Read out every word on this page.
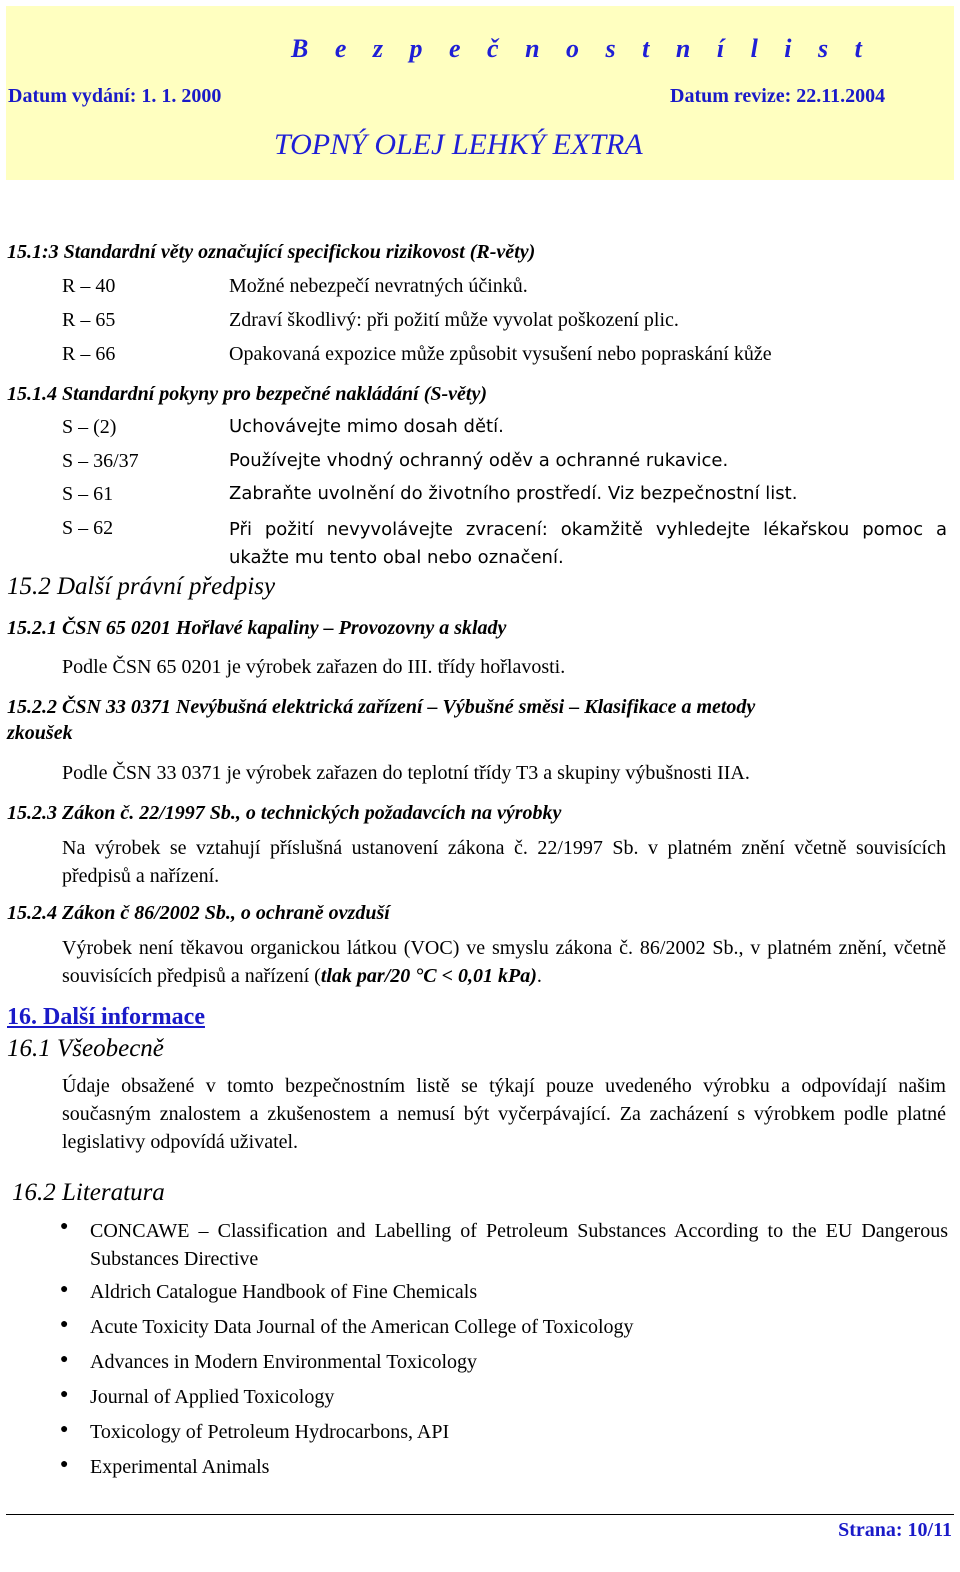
B e z p e č n o s t n í l i s t
Datum vydání: 1. 1. 2000	Datum revize: 22.11.2004
TOPNÝ OLEJ LEHKÝ EXTRA
15.1:3 Standardní věty označující specifickou rizikovost (R-věty)
R – 40	Možné nebezpečí nevratných účinků.
R – 65	Zdraví škodlivý: při požití může vyvolat poškození plic.
R – 66	Opakovaná expozice může způsobit vysušení nebo popraskání kůže
15.1.4 Standardní pokyny pro bezpečné nakládání (S-věty)
S – (2)	Uchovávejte mimo dosah dětí.
S – 36/37	Používejte vhodný ochranný oděv a ochranné rukavice.
S – 61	Zabraňte uvolnění do životního prostředí. Viz bezpečnostní list.
S – 62	Při požití nevyvolávejte zvracení: okamžitě vyhledejte lékařskou pomoc a ukažte mu tento obal nebo označení.
15.2 Další právní předpisy
15.2.1 ČSN 65 0201 Hořlavé kapaliny – Provozovny a sklady
Podle ČSN 65 0201 je výrobek zařazen do III. třídy hořlavosti.
15.2.2 ČSN 33 0371 Nevýbušná elektrická zařízení – Výbušné směsi – Klasifikace a metody
zkoušek
Podle ČSN 33 0371 je výrobek zařazen do teplotní třídy T3 a skupiny výbušnosti IIA.
15.2.3 Zákon č. 22/1997 Sb., o technických požadavcích na výrobky
Na výrobek se vztahují příslušná ustanovení zákona č. 22/1997 Sb. v platném znění včetně souvisících předpisů a nařízení.
15.2.4 Zákon č 86/2002 Sb., o ochraně ovzduší
Výrobek není těkavou organickou látkou (VOC) ve smyslu zákona č. 86/2002 Sb., v platném znění, včetně souvisících předpisů a nařízení (tlak par/20 °C < 0,01 kPa).
16. Další informace
16.1 Všeobecně
Údaje obsažené v tomto bezpečnostním listě se týkají pouze uvedeného výrobku a odpovídají našim současným znalostem a zkušenostem a nemusí být vyčerpávající. Za zacházení s výrobkem podle platné legislativy odpovídá uživatel.
16.2 Literatura
● CONCAWE – Classification and Labelling of Petroleum Substances According to the EU Dangerous Substances Directive
● Aldrich Catalogue Handbook of Fine Chemicals
● Acute Toxicity Data Journal of the American College of Toxicology
● Advances in Modern Environmental Toxicology
● Journal of Applied Toxicology
● Toxicology of Petroleum Hydrocarbons, API
● Experimental Animals
Strana: 10/11
